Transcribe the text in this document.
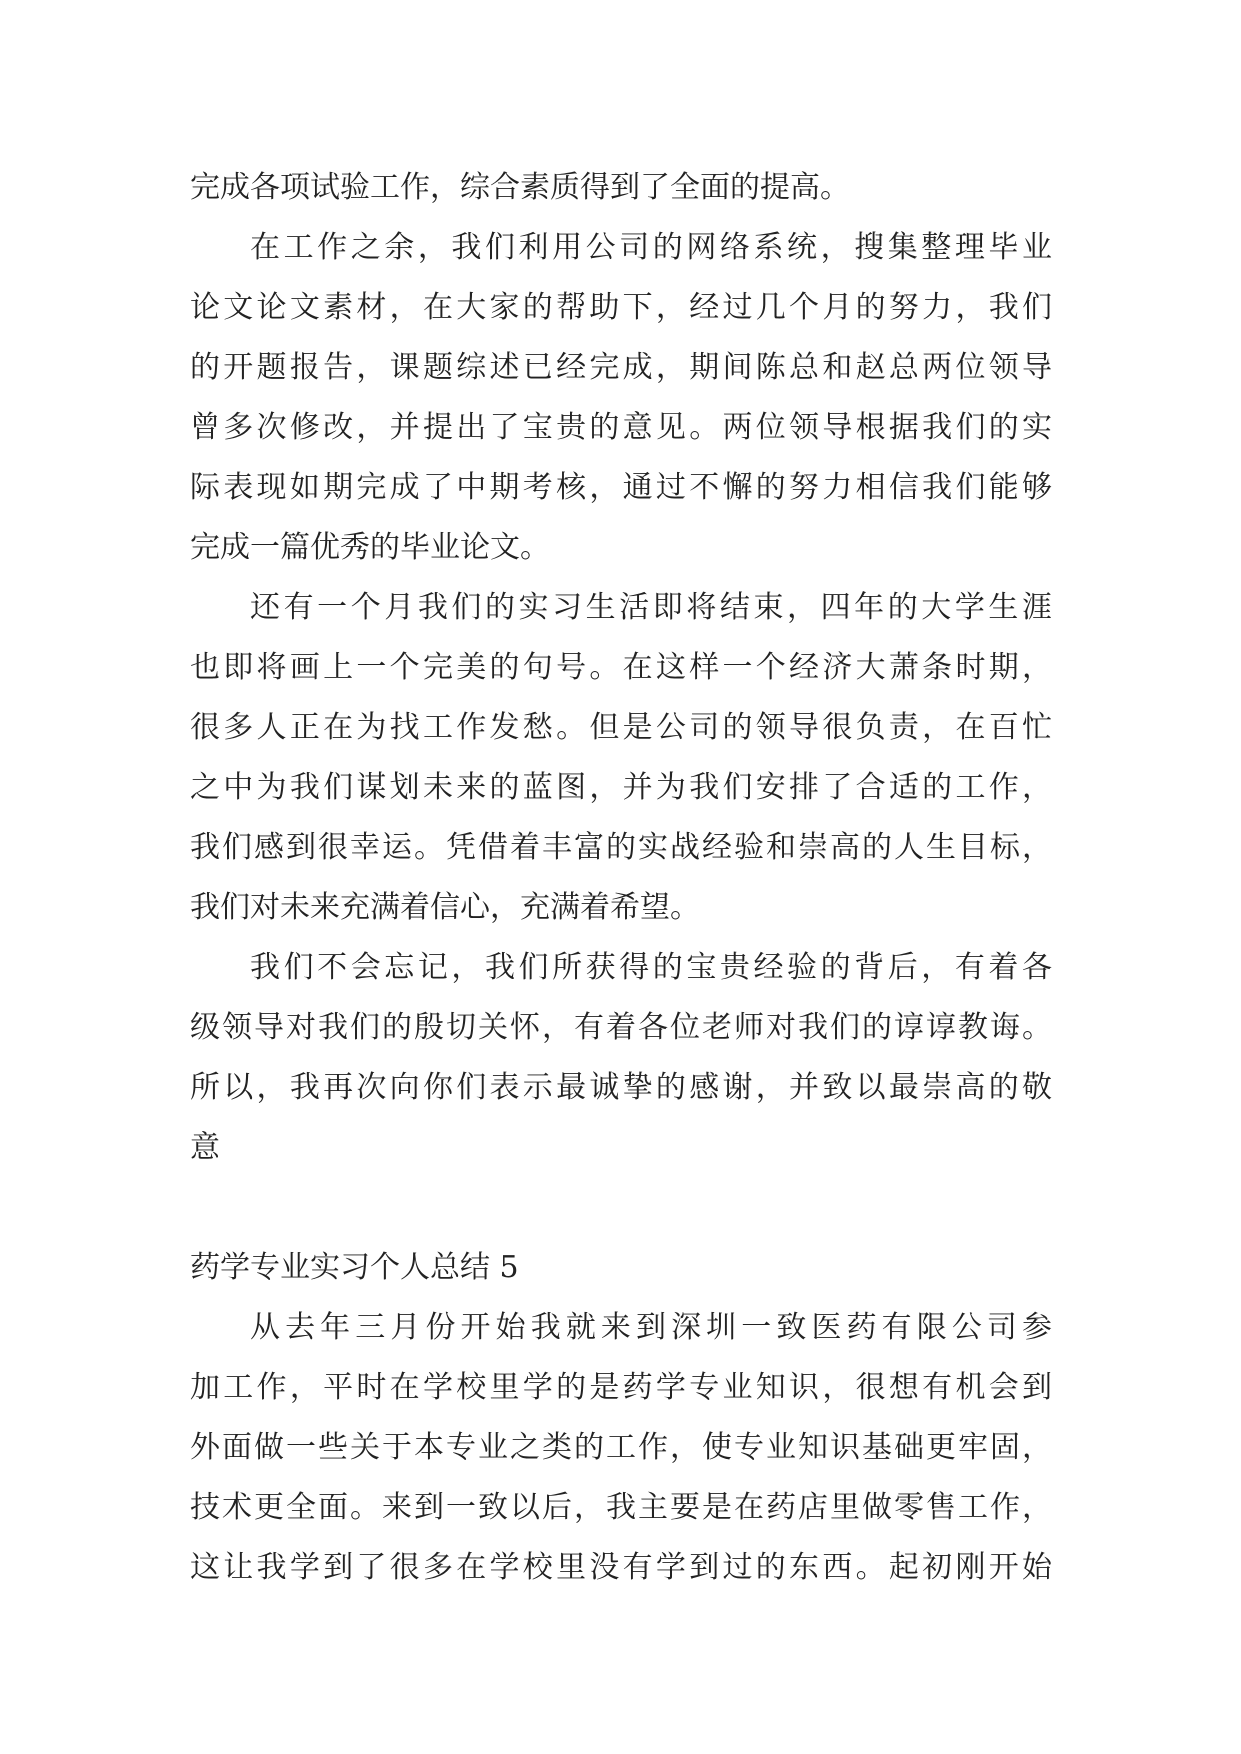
完成各项试验工作，综合素质得到了全面的提高。
在工作之余，我们利用公司的网络系统，搜集整理毕业
论文论文素材，在大家的帮助下，经过几个月的努力，我们
的开题报告，课题综述已经完成，期间陈总和赵总两位领导
曾多次修改，并提出了宝贵的意见。两位领导根据我们的实
际表现如期完成了中期考核，通过不懈的努力相信我们能够
完成一篇优秀的毕业论文。
还有一个月我们的实习生活即将结束，四年的大学生涯
也即将画上一个完美的句号。在这样一个经济大萧条时期，
很多人正在为找工作发愁。但是公司的领导很负责，在百忙
之中为我们谋划未来的蓝图，并为我们安排了合适的工作，
我们感到很幸运。凭借着丰富的实战经验和崇高的人生目标，
我们对未来充满着信心，充满着希望。
我们不会忘记，我们所获得的宝贵经验的背后，有着各
级领导对我们的殷切关怀，有着各位老师对我们的谆谆教诲。
所以，我再次向你们表示最诚挚的感谢，并致以最崇高的敬
意
药学专业实习个人总结 5
从去年三月份开始我就来到深圳一致医药有限公司参
加工作，平时在学校里学的是药学专业知识，很想有机会到
外面做一些关于本专业之类的工作，使专业知识基础更牢固，
技术更全面。来到一致以后，我主要是在药店里做零售工作，
这让我学到了很多在学校里没有学到过的东西。起初刚开始
